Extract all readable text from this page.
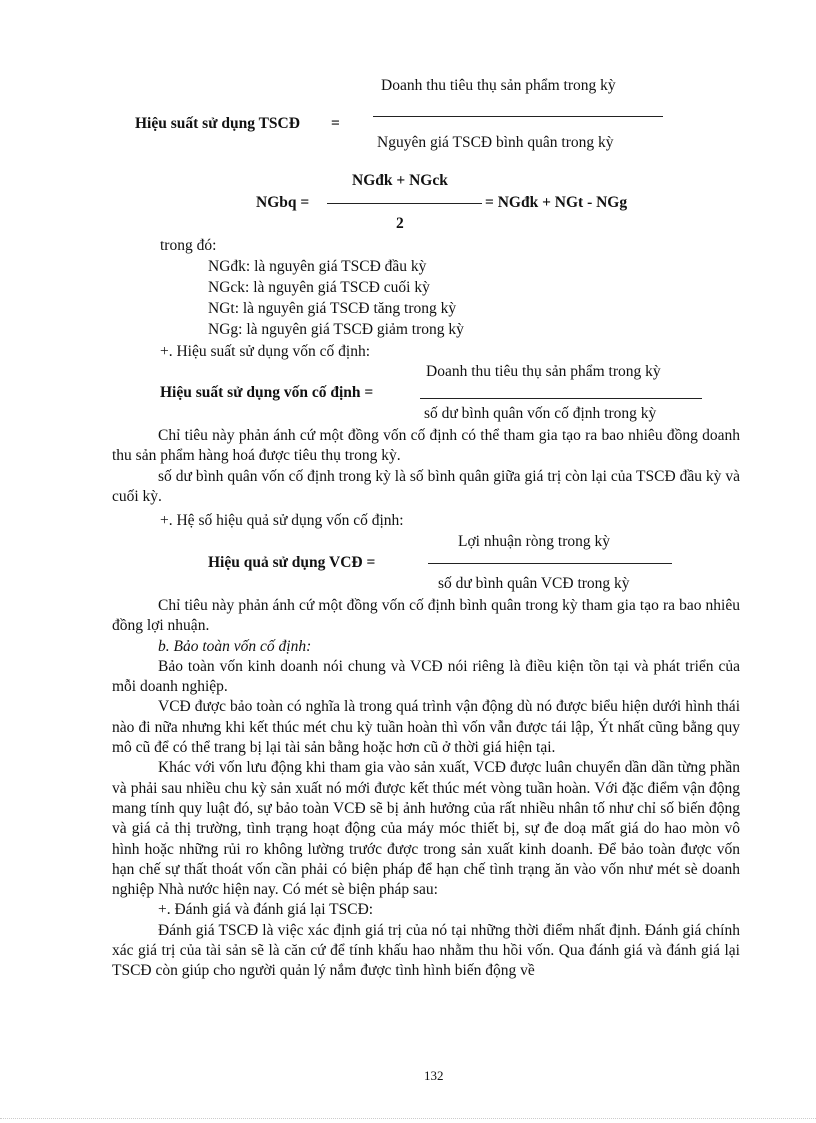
Doanh thu tiêu thụ sản phẩm trong kỳ
Hiệu suất sử dụng TSCĐ =
Nguyên giá TSCĐ bình quân trong kỳ
NGđk + NGck
NGbq =	= NGđk + NGt - NGg
2
trong đó:
NGđk: là nguyên giá TSCĐ đầu kỳ
NGck: là nguyên giá TSCĐ cuối kỳ
NGt: là nguyên giá TSCĐ tăng trong kỳ
NGg: là nguyên giá TSCĐ giảm trong kỳ
+. Hiệu suất sử dụng vốn cố định:
Doanh thu tiêu thụ sản phẩm trong kỳ
Hiệu suất sử dụng vốn cố định =
số dư bình quân vốn cố định trong kỳ

Chỉ tiêu này phản ánh cứ một đồng vốn cố định có thể tham gia tạo ra bao nhiêu đồng doanh thu sản phẩm hàng hoá được tiêu thụ trong kỳ.

số dư bình quân vốn cố định trong kỳ là số bình quân giữa giá trị còn lại của TSCĐ đầu kỳ và cuối kỳ.

+. Hệ số hiệu quả sử dụng vốn cố định:
Lợi nhuận ròng trong kỳ
Hiệu quả sử dụng VCĐ =
số dư bình quân VCĐ trong kỳ

Chỉ tiêu này phản ánh cứ một đồng vốn cố định bình quân trong kỳ tham gia tạo ra bao nhiêu đồng lợi nhuận.

b. Bảo toàn vốn cố định:

Bảo toàn vốn kinh doanh nói chung và VCĐ nói riêng là điều kiện tồn tại và phát triển của mỗi doanh nghiệp.

VCĐ được bảo toàn có nghĩa là trong quá trình vận động dù nó được biểu hiện dưới hình thái nào đi nữa nhưng khi kết thúc mét chu kỳ tuần hoàn thì vốn vẫn được tái lập, Ýt nhất cũng bằng quy mô cũ để có thể trang bị lại tài sản bằng hoặc hơn cũ ở thời giá hiện tại.

Khác với vốn lưu động khi tham gia vào sản xuất, VCĐ được luân chuyển dần dần từng phần và phải sau nhiều chu kỳ sản xuất nó mới được kết thúc mét vòng tuần hoàn. Với đặc điểm vận động mang tính quy luật đó, sự bảo toàn VCĐ sẽ bị ảnh hưởng của rất nhiều nhân tố như chỉ số biến động và giá cả thị trường, tình trạng hoạt động của máy móc thiết bị, sự đe doạ mất giá do hao mòn vô hình hoặc những rủi ro không lường trước được trong sản xuất kinh doanh. Để bảo toàn được vốn hạn chế sự thất thoát vốn cần phải có biện pháp để hạn chế tình trạng ăn vào vốn như mét sè doanh nghiệp Nhà nước hiện nay. Có mét sè biện pháp sau:

+. Đánh giá và đánh giá lại TSCĐ:

Đánh giá TSCĐ là việc xác định giá trị của nó tại những thời điểm nhất định. Đánh giá chính xác giá trị của tài sản sẽ là căn cứ để tính khấu hao nhằm thu hồi vốn. Qua đánh giá và đánh giá lại TSCĐ còn giúp cho người quản lý nắm được tình hình biến động về

132
